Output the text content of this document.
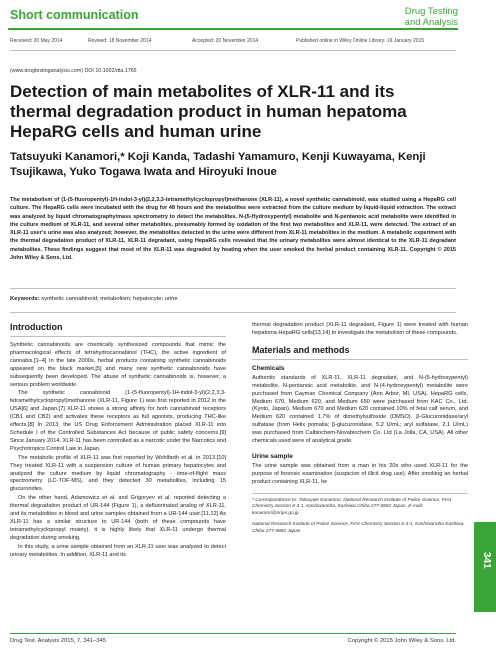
Short communication	Drug Testing
and Analysis
Received: 20 May 2014	Revised: 18 November 2014	Accepted: 20 November 2014	Published online in Wiley Online Library: 19 January 2015
(www.drugtestinganalysis.com) DOI 10.1002/dta.1765
Detection of main metabolites of XLR-11 and its thermal degradation product in human hepatoma HepaRG cells and human urine

Tatsuyuki Kanamori,* Koji Kanda, Tadashi Yamamuro, Kenji Kuwayama, Kenji Tsujikawa, Yuko Togawa Iwata and Hiroyuki Inoue

The metabolism of (1-(5-fluoropentyl)-1H-indol-3-yl)(2,2,3,3-tetramethylcyclopropyl)methanone (XLR-11), a novel synthetic cannabinoid, was studied using a HepaRG cell culture. The HepaRG cells were incubated with the drug for 48 hours and the metabolites were extracted from the culture medium by liquid-liquid extraction. The extract was analyzed by liquid chromatography/mass spectrometry to detect the metabolites. N-(5-Hydroxypentyl) metabolite and N-pentanoic acid metabolite were identified in the culture medium of XLR-11, and several other metabolites, presumably formed by oxidation of the first two metabolites and XLR-11, were detected. The extract of an XLR-11 user's urine was also analyzed; however, the metabolites detected in the urine were different from XLR-11 metabolites in the medium. A metabolic experiment with the thermal degradation product of XLR-11, XLR-11 degradant, using HepaRG cells revealed that the urinary metabolites were almost identical to the XLR-11 degradant metabolites. These findings suggest that most of the XLR-11 was degraded by heating when the user smoked the herbal product containing XLR-11. Copyright © 2015 John Wiley & Sons, Ltd.

Keywords: synthetic cannabinoid; metabolism; hepatocyte; urine
Introduction

Synthetic cannabinoids are chemically synthesized compounds that mimic the pharmacological effects of tetrahydrocannabinol (THC), the active ingredient of cannabis.[1–4] In the late 2000s, herbal products containing synthetic cannabinoids appeared on the black market,[5] and many new synthetic cannabinoids have subsequently been developed. The abuse of synthetic cannabinoids is, however, a serious problem worldwide.

The synthetic cannabinoid (1-(5-fluoropentyl)-1H-indol-3-yl)(2,2,3,3-tetramethylcyclopropyl)methanone (XLR-11, Figure 1) was first reported in 2012 in the USA[6] and Japan.[7] XLR-11 shows a strong affinity for both cannabinoid receptors (CB1 and CB2) and activates these receptors as full agonists, producing THC-like effects.[8] In 2013, the US Drug Enforcement Administration placed XLR-11 into Schedule I of the Controlled Substances Act because of public safety concerns.[9] Since January 2014, XLR-11 has been controlled as a narcotic under the Narcotics and Psychotropics Control Law in Japan.

The metabolic profile of XLR-11 was first reported by Wohlfarth et al. in 2013.[10] They treated XLR-11 with a suspension culture of human primary hepatocytes and analyzed the culture medium by liquid chromatography - time-of-flight mass spectrometry (LC-TOF-MS), and they detected 30 metabolites, including 15 glucuronides.

On the other hand, Adamowicz et al. and Grigoryev et al. reported detecting a thermal degradation product of UR-144 (Figure 1), a defluorinated analog of XLR-11, and its metabolites in blood and urine samples obtained from a UR-144 user.[11,12] As XLR-11 has a similar structure to UR-144 (both of these compounds have tetramethylcyclopropyl moiety), it is highly likely that XLR-11 undergo thermal degradation during smoking.

In this study, a urine sample obtained from an XLR-11 user was analyzed to detect urinary metabolites. In addition, XLR-11 and its

thermal degradation product (XLR-11 degradant, Figure 1) were treated with human hepatoma HepaRG cells[13,14] to investigate the metabolism of these compounds.

Materials and methods
Chemicals

Authentic standards of XLR-11, XLR-11 degradant, and N-(5-hydroxypentyl) metabolite, N-pentanoic acid metabolite, and N-(4-hydroxypentyl) metabolite were purchased from Cayman Chemical Company (Ann Arbor, MI, USA). HepaRG cells, Medium 670, Medium 620, and Medium 650 were purchased from KAC Co., Ltd. (Kyoto, Japan). Medium 670 and Medium 620 contained 10% of fetal calf serum, and Medium 620 contained 1.7% of dimethylsulfoxide (DMSO). β-Glucuronidase/aryl sulfatase (from Helix pomatia; β-glucuronidase, 5.2 U/mL; aryl sulfatase, 2.1 U/mL) was purchased from Calbiochem-Novabiochem Co. Ltd (La Jolla, CA, USA). All other chemicals used were of analytical grade.

Urine sample

The urine sample was obtained from a man in his 20s who used XLR-11 for the purpose of forensic examination (suspicion of illicit drug use). After smoking an herbal product containing XLR-11, he

* Correspondence to: Tatsuyuki Kanamori, National Research Institute of Police Science, First Chemistry Section 6-3-1, Kashiwanoha, Kashiwa Chiba 277-0882 Japan. E-mail: kanamori@nrips.go.jp

National Research Institute of Police Science, First Chemistry Section 6-3-1, Kashiwanoha Kashiwa Chiba 277-0882 Japan

341
Drug Test. Analysis 2015, 7, 341–345	Copyright © 2015 John Wiley & Sons, Ltd.
